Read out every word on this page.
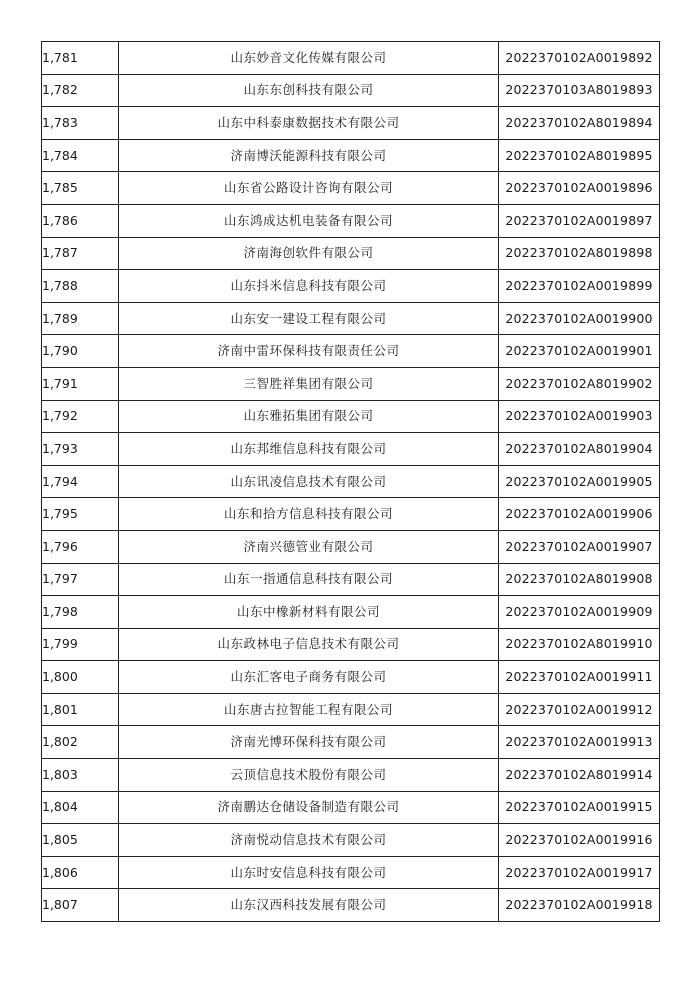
1,781	山东妙音文化传媒有限公司	2022370102A0019892
1,782	山东东创科技有限公司	2022370103A8019893
1,783	山东中科泰康数据技术有限公司	2022370102A8019894
1,784	济南博沃能源科技有限公司	2022370102A8019895
1,785	山东省公路设计咨询有限公司	2022370102A0019896
1,786	山东鸿成达机电装备有限公司	2022370102A0019897
1,787	济南海创软件有限公司	2022370102A8019898
1,788	山东抖米信息科技有限公司	2022370102A0019899
1,789	山东安一建设工程有限公司	2022370102A0019900
1,790	济南中雷环保科技有限责任公司	2022370102A0019901
1,791	三智胜祥集团有限公司	2022370102A8019902
1,792	山东雅拓集团有限公司	2022370102A0019903
1,793	山东邦维信息科技有限公司	2022370102A8019904
1,794	山东讯凌信息技术有限公司	2022370102A0019905
1,795	山东和拾方信息科技有限公司	2022370102A0019906
1,796	济南兴德管业有限公司	2022370102A0019907
1,797	山东一指通信息科技有限公司	2022370102A8019908
1,798	山东中橡新材料有限公司	2022370102A0019909
1,799	山东政林电子信息技术有限公司	2022370102A8019910
1,800	山东汇客电子商务有限公司	2022370102A0019911
1,801	山东唐古拉智能工程有限公司	2022370102A0019912
1,802	济南光博环保科技有限公司	2022370102A0019913
1,803	云顶信息技术股份有限公司	2022370102A8019914
1,804	济南鹏达仓储设备制造有限公司	2022370102A0019915
1,805	济南悦动信息技术有限公司	2022370102A0019916
1,806	山东时安信息科技有限公司	2022370102A0019917
1,807	山东汉西科技发展有限公司	2022370102A0019918
